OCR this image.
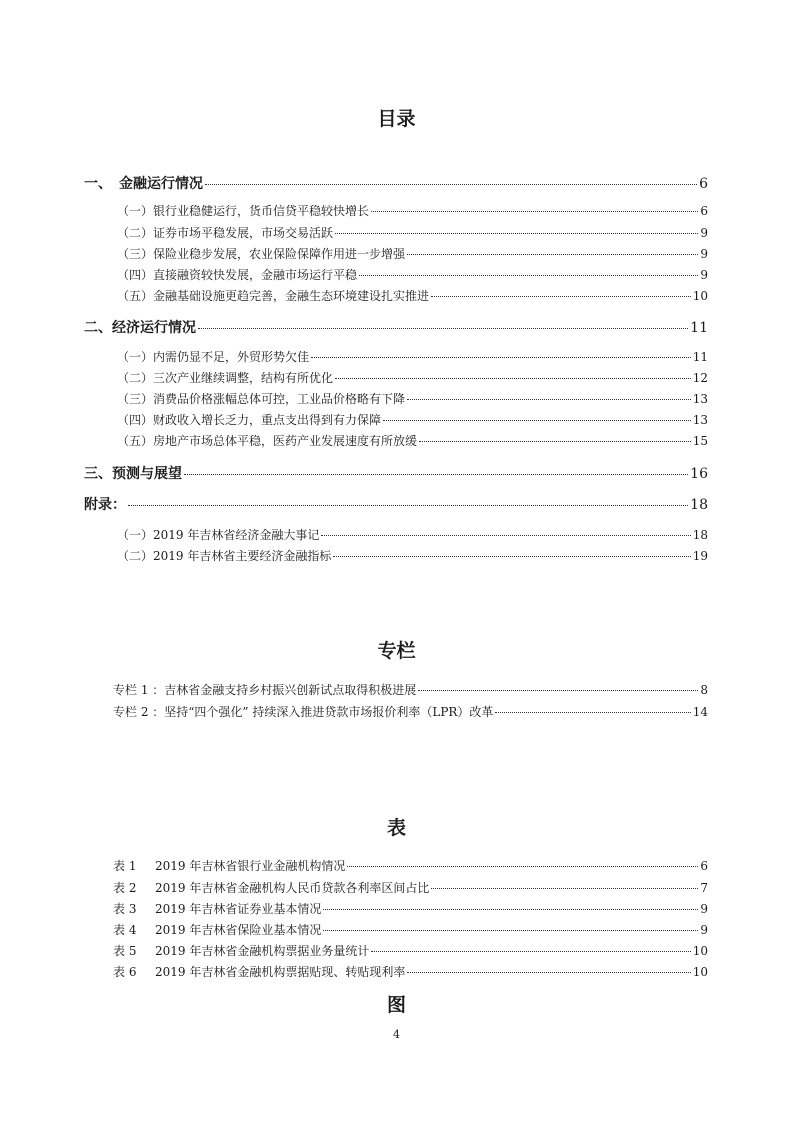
目录
一、　金融运行情况	6
（一）银行业稳健运行，货币信贷平稳较快增长	6
（二）证券市场平稳发展，市场交易活跃	9
（三）保险业稳步发展，农业保险保障作用进一步增强	9
（四）直接融资较快发展，金融市场运行平稳	9
（五）金融基础设施更趋完善，金融生态环境建设扎实推进	10
二、经济运行情况	11
（一）内需仍显不足，外贸形势欠佳	11
（二）三次产业继续调整，结构有所优化	12
（三）消费品价格涨幅总体可控，工业品价格略有下降	13
（四）财政收入增长乏力，重点支出得到有力保障	13
（五）房地产市场总体平稳，医药产业发展速度有所放缓	15
三、预测与展望	16
附录：	18
（一）2019 年吉林省经济金融大事记	18
（二）2019 年吉林省主要经济金融指标	19
专栏
专栏 1 ：吉林省金融支持乡村振兴创新试点取得积极进展	8
专栏 2 ：坚持“四个强化” 持续深入推进贷款市场报价利率（LPR）改革	14
表
表 1 2019 年吉林省银行业金融机构情况	6
表 2 2019 年吉林省金融机构人民币贷款各利率区间占比	7
表 3 2019 年吉林省证券业基本情况	9
表 4 2019 年吉林省保险业基本情况	9
表 5 2019 年吉林省金融机构票据业务量统计	10
表 6 2019 年吉林省金融机构票据贴现、转贴现利率	10
图
4
